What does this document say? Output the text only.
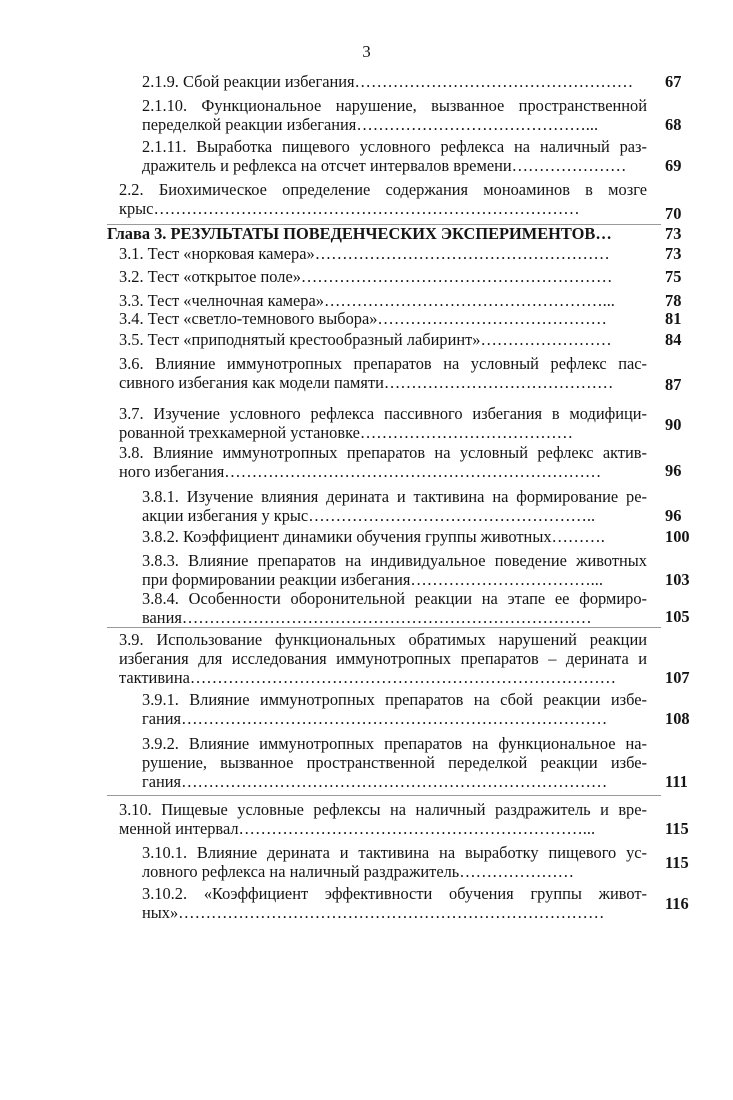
3
2.1.9. Сбой реакции избегания……………………………………………	67
2.1.10. Функциональное нарушение, вызванное пространственной
переделкой реакции избегания……………………………………...	68
2.1.11. Выработка пищевого условного рефлекса на наличный раз-
дражитель и рефлекса на отсчет интервалов времени…………………	69
2.2. Биохимическое определение содержания моноаминов в мозге
крыс……………………………………………………………………	70
Глава 3. РЕЗУЛЬТАТЫ ПОВЕДЕНЧЕСКИХ ЭКСПЕРИМЕНТОВ…	73
3.1. Тест «норковая камера»………………………………………………	73
3.2. Тест «открытое поле»…………………………………………………	75
3.3. Тест «челночная камера»……………………………………………...	78
3.4. Тест «светло-темнового выбора»……………………………………	81
3.5. Тест «приподнятый крестообразный лабиринт»……………………	84
3.6. Влияние иммунотропных препаратов на условный рефлекс пас-
сивного избегания как модели памяти……………………………………	87
3.7. Изучение условного рефлекса пассивного избегания в модифици-
рованной трехкамерной установке…………………………………	90
3.8. Влияние иммунотропных препаратов на условный рефлекс актив-
ного избегания……………………………………………………………	96
3.8.1. Изучение влияния дерината и тактивина на формирование ре-
акции избегания у крыс……………………………………………..	96
3.8.2. Коэффициент динамики обучения группы животных……….	100
3.8.3. Влияние препаратов на индивидуальное поведение животных
при формировании реакции избегания……………………………...	103
3.8.4. Особенности оборонительной реакции на этапе ее формиро-
вания…………………………………………………………………	105
3.9. Использование функциональных обратимых нарушений реакции
избегания для исследования иммунотропных препаратов – дерината и
тактивина……………………………………………………………………	107
3.9.1. Влияние иммунотропных препаратов на сбой реакции избе-
гания……………………………………………………………………	108
3.9.2. Влияние иммунотропных препаратов на функциональное на-
рушение, вызванное пространственной переделкой реакции избе-
гания……………………………………………………………………	111
3.10. Пищевые условные рефлексы на наличный раздражитель и вре-
менной интервал………………………………………………………...	115
3.10.1. Влияние дерината и тактивина на выработку пищевого ус-
ловного рефлекса на наличный раздражитель…………………	115
3.10.2. «Коэффициент эффективности обучения группы живот-
ных»……………………………………………………………………	116
